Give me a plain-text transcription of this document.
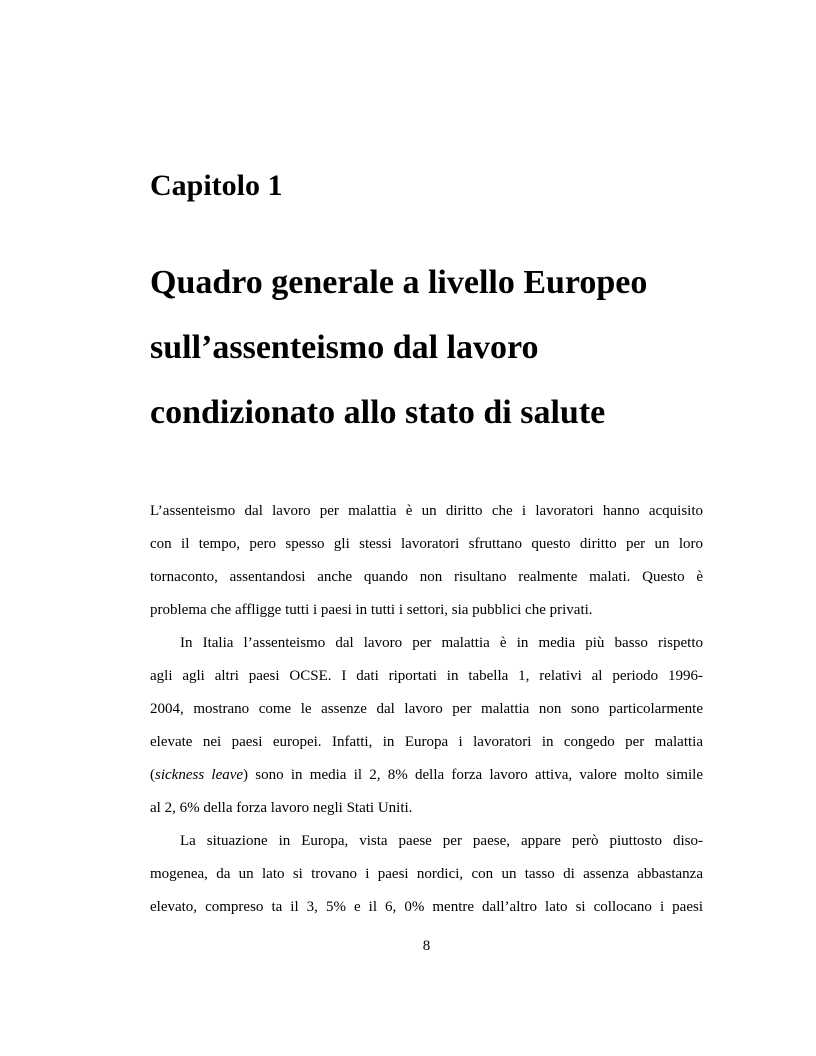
Capitolo 1
Quadro generale a livello Europeo
sull’assenteismo dal lavoro
condizionato allo stato di salute
L’assenteismo dal lavoro per malattia è un diritto che i lavoratori hanno acquisito
con il tempo, pero spesso gli stessi lavoratori sfruttano questo diritto per un loro
tornaconto, assentandosi anche quando non risultano realmente malati. Questo è
problema che affligge tutti i paesi in tutti i settori, sia pubblici che privati.
In Italia l’assenteismo dal lavoro per malattia è in media più basso rispetto
agli agli altri paesi OCSE. I dati riportati in tabella 1, relativi al periodo 1996-
2004, mostrano come le assenze dal lavoro per malattia non sono particolarmente
elevate nei paesi europei. Infatti, in Europa i lavoratori in congedo per malattia
(sickness leave) sono in media il 2, 8% della forza lavoro attiva, valore molto simile
al 2, 6% della forza lavoro negli Stati Uniti.
La situazione in Europa, vista paese per paese, appare però piuttosto diso-
mogenea, da un lato si trovano i paesi nordici, con un tasso di assenza abbastanza
elevato, compreso ta il 3, 5% e il 6, 0% mentre dall’altro lato si collocano i paesi
8
